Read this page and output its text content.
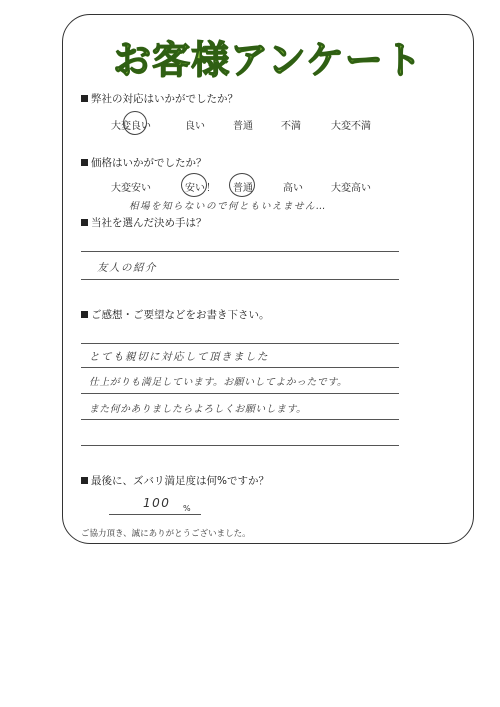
お客様アンケート
弊社の対応はいかがでしたか？
大変良い	良い	普通	不満	大変不満
価格はいかがでしたか？
大変安い	安い ！ 普通	高い	大変高い
相場を知らないので何ともいえません…
当社を選んだ決め手は？
友人の紹介
ご感想・ご要望などをお書き下さい。
とても親切に対応して頂きました
仕上がりも満足しています。お願いしてよかったです。
また何かありましたらよろしくお願いします。
最後に、ズバリ満足度は何%ですか？
100 %
ご協力頂き、誠にありがとうございました。
